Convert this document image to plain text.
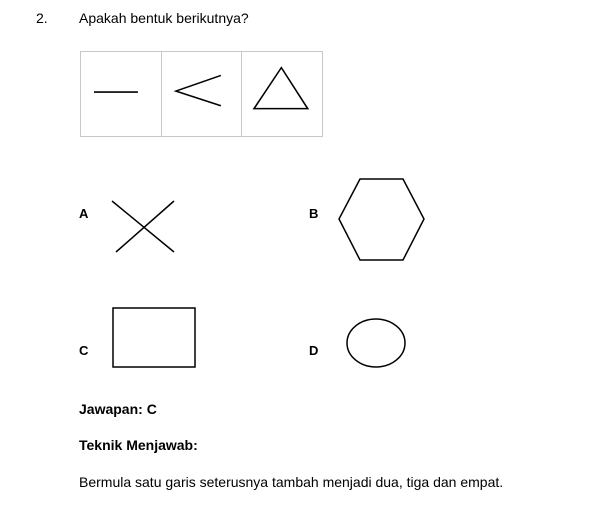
2. Apakah bentuk berikutnya?
A	B
C	D
Jawapan: C
Teknik Menjawab:
Bermula satu garis seterusnya tambah menjadi dua, tiga dan empat.
